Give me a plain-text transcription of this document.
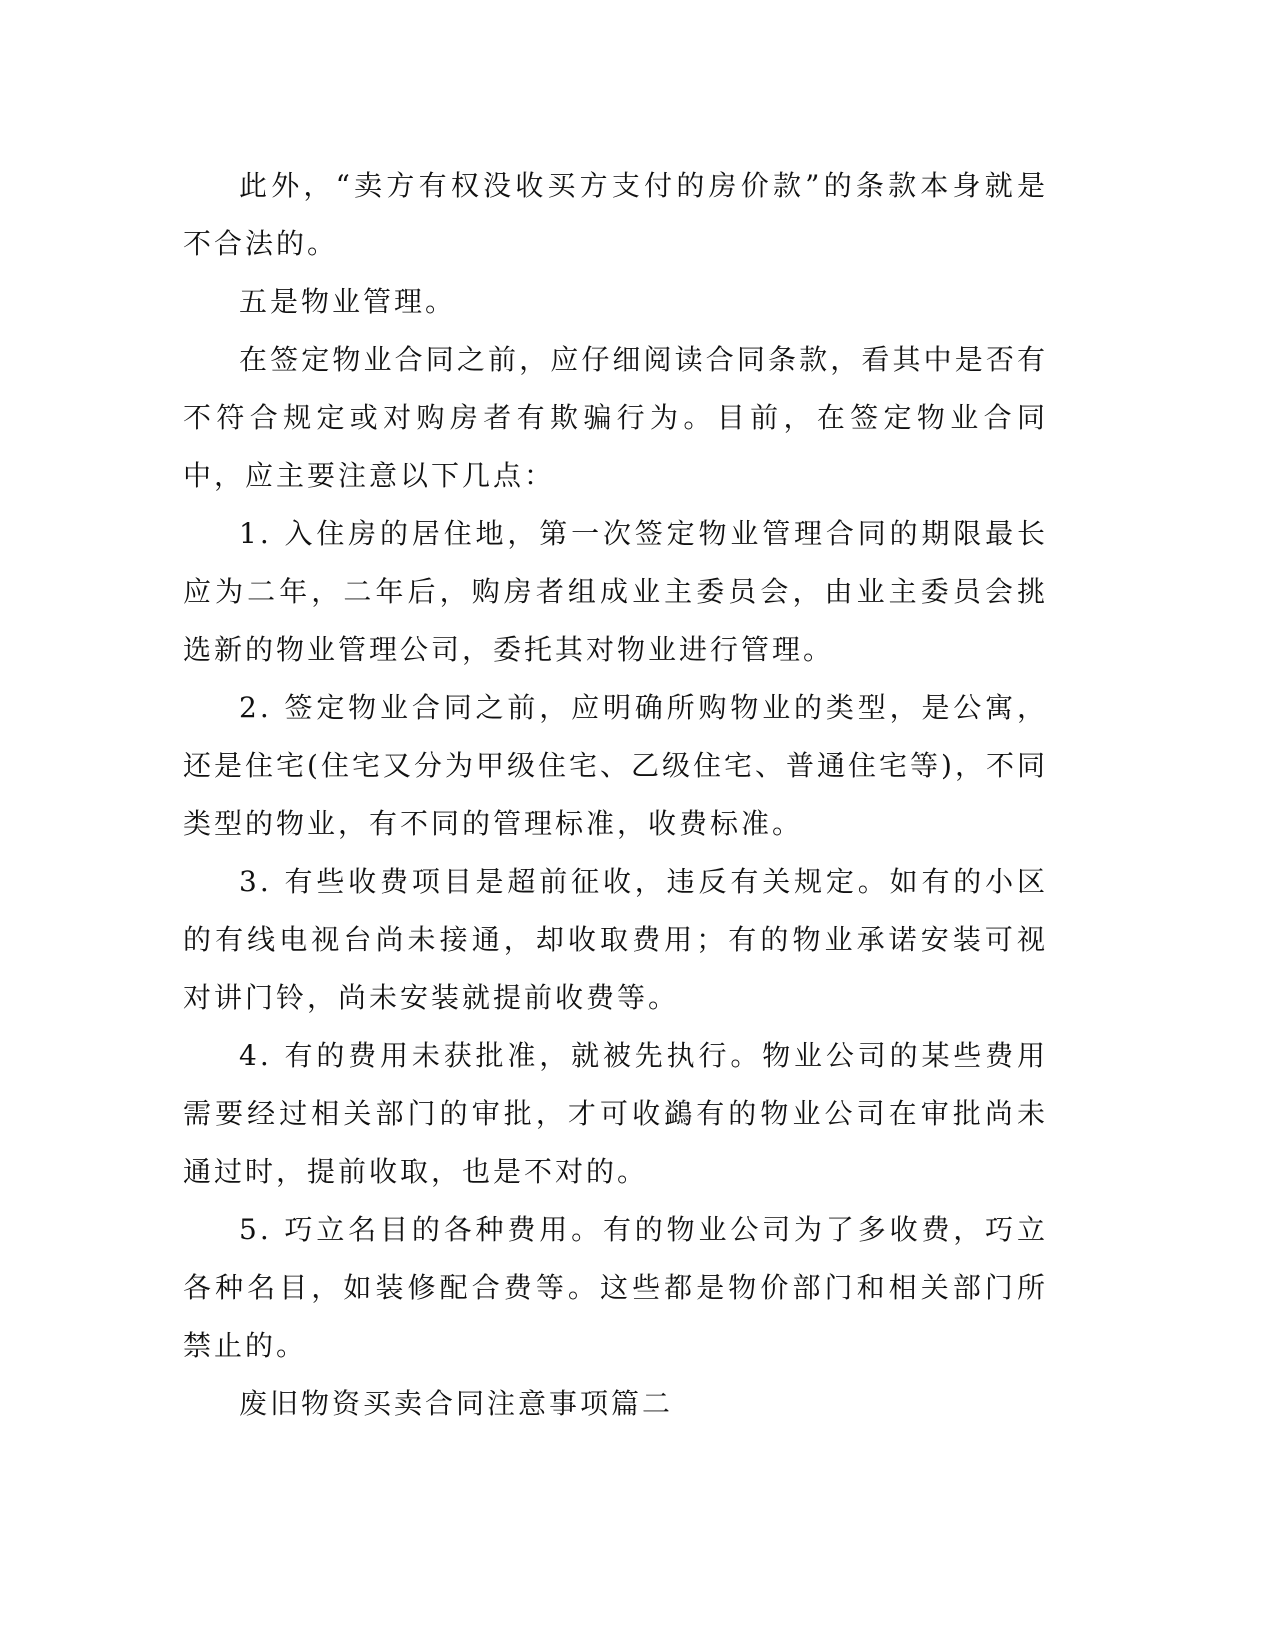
此外，“卖方有权没收买方支付的房价款”的条款本身就是不合法的。

五是物业管理。

在签定物业合同之前，应仔细阅读合同条款，看其中是否有不符合规定或对购房者有欺骗行为。目前，在签定物业合同中，应主要注意以下几点：

1. 入住房的居住地，第一次签定物业管理合同的期限最长应为二年，二年后，购房者组成业主委员会，由业主委员会挑选新的物业管理公司，委托其对物业进行管理。

2. 签定物业合同之前，应明确所购物业的类型，是公寓，还是住宅(住宅又分为甲级住宅、乙级住宅、普通住宅等)，不同类型的物业，有不同的管理标准，收费标准。

3. 有些收费项目是超前征收，违反有关规定。如有的小区的有线电视台尚未接通，却收取费用；有的物业承诺安装可视对讲门铃，尚未安装就提前收费等。

4. 有的费用未获批准，就被先执行。物业公司的某些费用需要经过相关部门的审批，才可收鷁有的物业公司在审批尚未通过时，提前收取，也是不对的。

5. 巧立名目的各种费用。有的物业公司为了多收费，巧立各种名目，如装修配合费等。这些都是物价部门和相关部门所禁止的。

废旧物资买卖合同注意事项篇二
